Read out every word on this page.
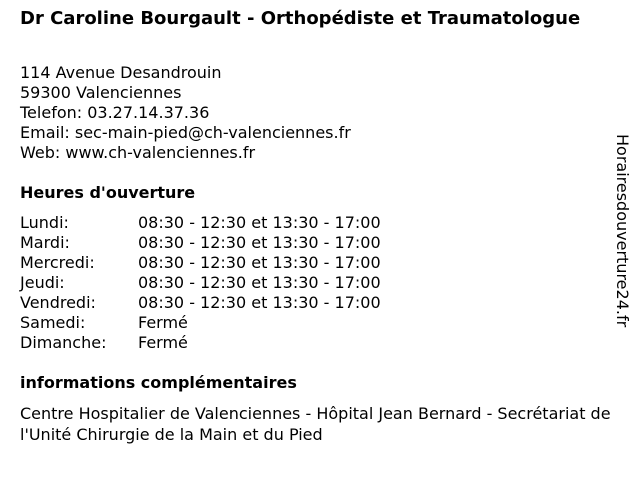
Dr Caroline Bourgault - Orthopédiste et Traumatologue
114 Avenue Desandrouin
59300 Valenciennes
Telefon: 03.27.14.37.36
Email: sec-main-pied@ch-valenciennes.fr
Web: www.ch-valenciennes.fr
Heures d'ouverture
Lundi:	08:30 - 12:30 et 13:30 - 17:00
Mardi:	08:30 - 12:30 et 13:30 - 17:00
Mercredi:	08:30 - 12:30 et 13:30 - 17:00
Jeudi:	08:30 - 12:30 et 13:30 - 17:00
Vendredi:	08:30 - 12:30 et 13:30 - 17:00
Samedi:	Fermé
Dimanche: Fermé
informations complémentaires
Centre Hospitalier de Valenciennes - Hôpital Jean Bernard - Secrétariat de l'Unité Chirurgie de la Main et du Pied
Horairesdouverture24.fr
